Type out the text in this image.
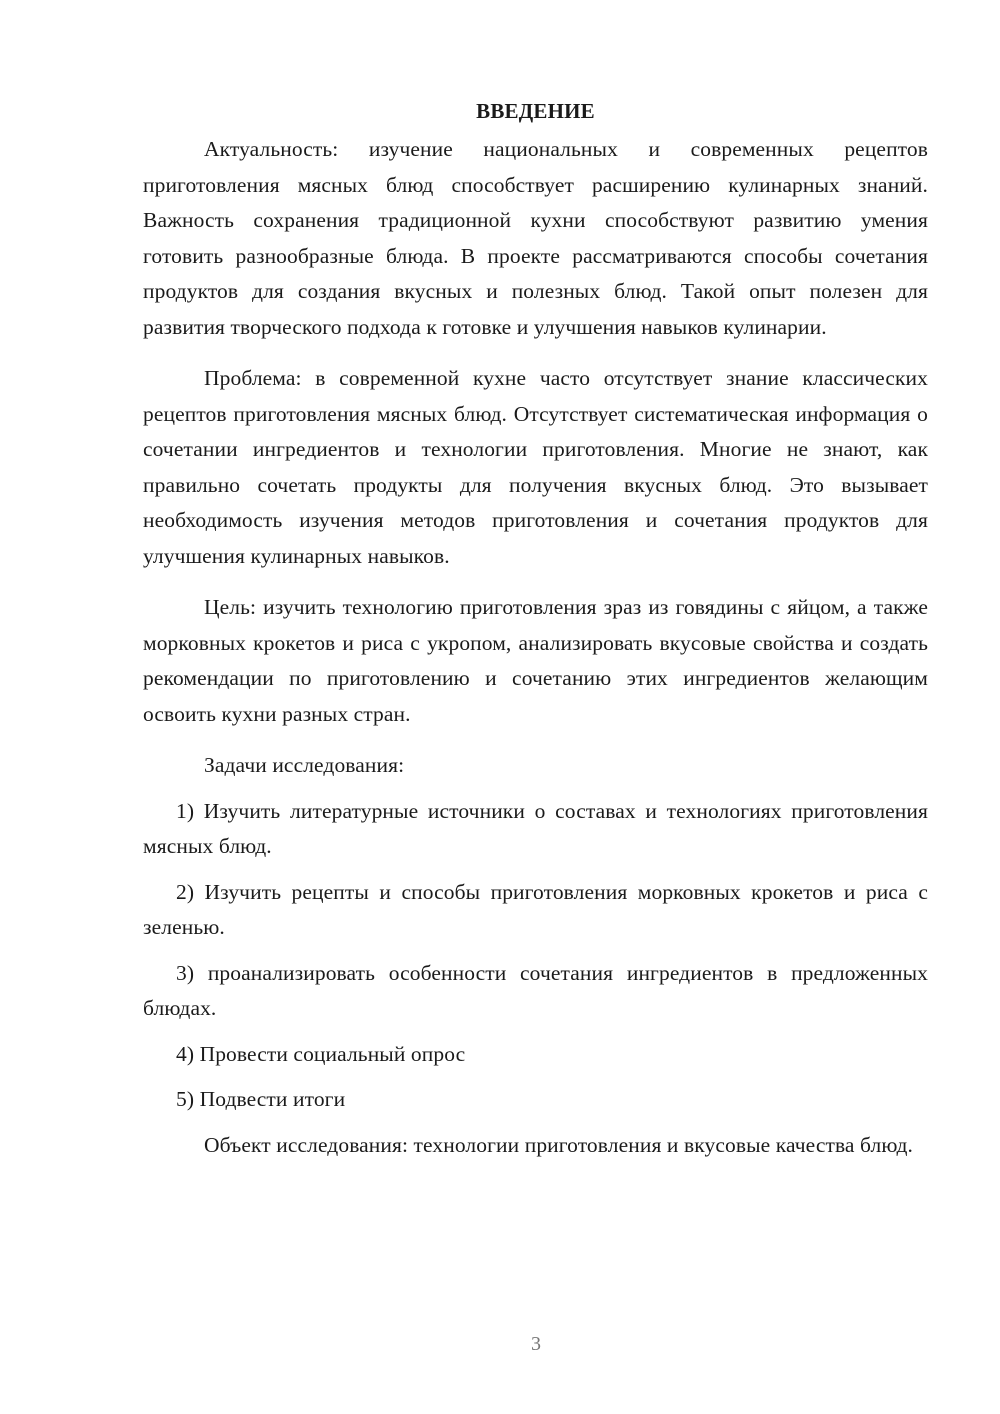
ВВЕДЕНИЕ

Актуальность: изучение национальных и современных рецептов приготовления мясных блюд способствует расширению кулинарных знаний. Важность сохранения традиционной кухни способствуют развитию умения готовить разнообразные блюда. В проекте рассматриваются способы сочетания продуктов для создания вкусных и полезных блюд. Такой опыт полезен для развития творческого подхода к готовке и улучшения навыков кулинарии.

Проблема: в современной кухне часто отсутствует знание классических рецептов приготовления мясных блюд. Отсутствует систематическая информация о сочетании ингредиентов и технологии приготовления. Многие не знают, как правильно сочетать продукты для получения вкусных блюд. Это вызывает необходимость изучения методов приготовления и сочетания продуктов для улучшения кулинарных навыков.

Цель: изучить технологию приготовления зраз из говядины с яйцом, а также морковных крокетов и риса с укропом, анализировать вкусовые свойства и создать рекомендации по приготовлению и сочетанию этих ингредиентов желающим освоить кухни разных стран.

Задачи исследования:

1) Изучить литературные источники о составах и технологиях приготовления мясных блюд.

2) Изучить рецепты и способы приготовления морковных крокетов и риса с зеленью.

3) проанализировать особенности сочетания ингредиентов в предложенных блюдах.

4) Провести социальный опрос

5) Подвести итоги

Объект исследования: технологии приготовления и вкусовые качества блюд.

3
